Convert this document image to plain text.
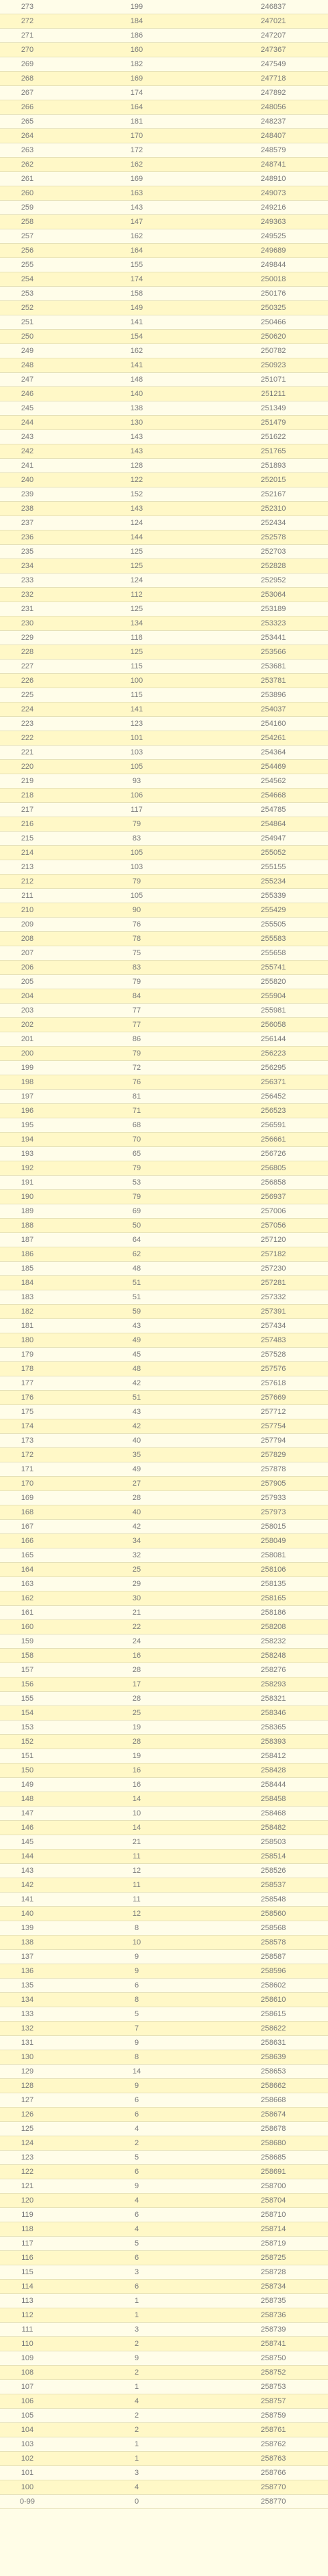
273	199	246837
272	184	247021
271	186	247207
270	160	247367
269	182	247549
268	169	247718
267	174	247892
266	164	248056
265	181	248237
264	170	248407
263	172	248579
262	162	248741
261	169	248910
260	163	249073
259	143	249216
258	147	249363
257	162	249525
256	164	249689
255	155	249844
254	174	250018
253	158	250176
252	149	250325
251	141	250466
250	154	250620
249	162	250782
248	141	250923
247	148	251071
246	140	251211
245	138	251349
244	130	251479
243	143	251622
242	143	251765
241	128	251893
240	122	252015
239	152	252167
238	143	252310
237	124	252434
236	144	252578
235	125	252703
234	125	252828
233	124	252952
232	112	253064
231	125	253189
230	134	253323
229	118	253441
228	125	253566
227	115	253681
226	100	253781
225	115	253896
224	141	254037
223	123	254160
222	101	254261
221	103	254364
220	105	254469
219	93	254562
218	106	254668
217	117	254785
216	79	254864
215	83	254947
214	105	255052
213	103	255155
212	79	255234
211	105	255339
210	90	255429
209	76	255505
208	78	255583
207	75	255658
206	83	255741
205	79	255820
204	84	255904
203	77	255981
202	77	256058
201	86	256144
200	79	256223
199	72	256295
198	76	256371
197	81	256452
196	71	256523
195	68	256591
194	70	256661
193	65	256726
192	79	256805
191	53	256858
190	79	256937
189	69	257006
188	50	257056
187	64	257120
186	62	257182
185	48	257230
184	51	257281
183	51	257332
182	59	257391
181	43	257434
180	49	257483
179	45	257528
178	48	257576
177	42	257618
176	51	257669
175	43	257712
174	42	257754
173	40	257794
172	35	257829
171	49	257878
170	27	257905
169	28	257933
168	40	257973
167	42	258015
166	34	258049
165	32	258081
164	25	258106
163	29	258135
162	30	258165
161	21	258186
160	22	258208
159	24	258232
158	16	258248
157	28	258276
156	17	258293
155	28	258321
154	25	258346
153	19	258365
152	28	258393
151	19	258412
150	16	258428
149	16	258444
148	14	258458
147	10	258468
146	14	258482
145	21	258503
144	11	258514
143	12	258526
142	11	258537
141	11	258548
140	12	258560
139	8	258568
138	10	258578
137	9	258587
136	9	258596
135	6	258602
134	8	258610
133	5	258615
132	7	258622
131	9	258631
130	8	258639
129	14	258653
128	9	258662
127	6	258668
126	6	258674
125	4	258678
124	2	258680
123	5	258685
122	6	258691
121	9	258700
120	4	258704
119	6	258710
118	4	258714
117	5	258719
116	6	258725
115	3	258728
114	6	258734
113	1	258735
112	1	258736
111	3	258739
110	2	258741
109	9	258750
108	2	258752
107	1	258753
106	4	258757
105	2	258759
104	2	258761
103	1	258762
102	1	258763
101	3	258766
100	4	258770
0-99	0	258770
